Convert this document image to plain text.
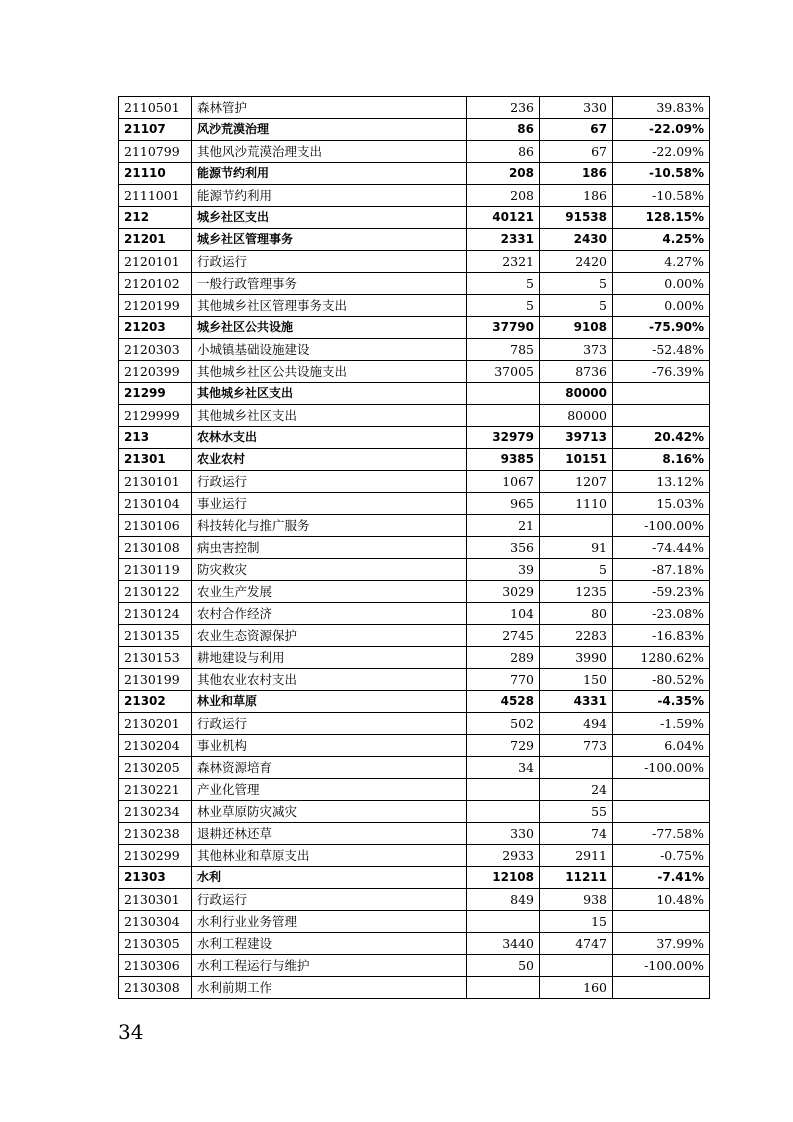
2110501	森林管护	236	330	39.83%
21107	风沙荒漠治理	86	67	-22.09%
2110799	其他风沙荒漠治理支出	86	67	-22.09%
21110	能源节约利用	208	186	-10.58%
2111001	能源节约利用	208	186	-10.58%
212	城乡社区支出	40121	91538	128.15%
21201	城乡社区管理事务	2331	2430	4.25%
2120101	行政运行	2321	2420	4.27%
2120102	一般行政管理事务	5	5	0.00%
2120199	其他城乡社区管理事务支出	5	5	0.00%
21203	城乡社区公共设施	37790	9108	-75.90%
2120303	小城镇基础设施建设	785	373	-52.48%
2120399	其他城乡社区公共设施支出	37005	8736	-76.39%
21299	其他城乡社区支出		80000	
2129999	其他城乡社区支出		80000	
213	农林水支出	32979	39713	20.42%
21301	农业农村	9385	10151	8.16%
2130101	行政运行	1067	1207	13.12%
2130104	事业运行	965	1110	15.03%
2130106	科技转化与推广服务	21		-100.00%
2130108	病虫害控制	356	91	-74.44%
2130119	防灾救灾	39	5	-87.18%
2130122	农业生产发展	3029	1235	-59.23%
2130124	农村合作经济	104	80	-23.08%
2130135	农业生态资源保护	2745	2283	-16.83%
2130153	耕地建设与利用	289	3990	1280.62%
2130199	其他农业农村支出	770	150	-80.52%
21302	林业和草原	4528	4331	-4.35%
2130201	行政运行	502	494	-1.59%
2130204	事业机构	729	773	6.04%
2130205	森林资源培育	34		-100.00%
2130221	产业化管理		24	
2130234	林业草原防灾减灾		55	
2130238	退耕还林还草	330	74	-77.58%
2130299	其他林业和草原支出	2933	2911	-0.75%
21303	水利	12108	11211	-7.41%
2130301	行政运行	849	938	10.48%
2130304	水利行业业务管理		15	
2130305	水利工程建设	3440	4747	37.99%
2130306	水利工程运行与维护	50		-100.00%
2130308	水利前期工作		160	
34
